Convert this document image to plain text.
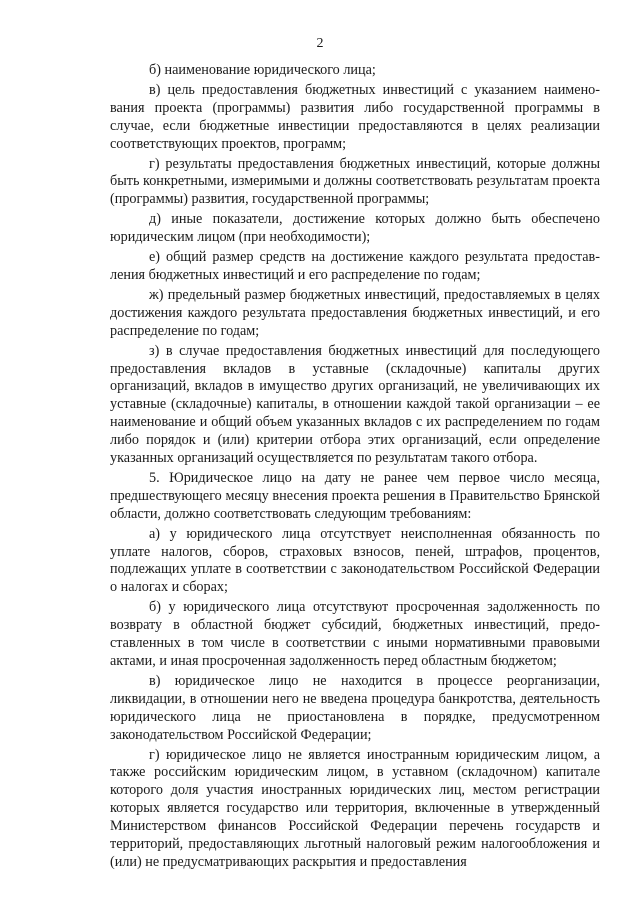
2

б) наименование юридического лица;

в) цель предоставления бюджетных инвестиций с указанием наименования проекта (программы) развития либо государственной программы в случае, если бюджетные инвестиции предоставляются в целях реализации соответствующих проектов, программ;

г) результаты предоставления бюджетных инвестиций, которые должны быть конкретными, измеримыми и должны соответствовать результатам проекта (программы) развития, государственной программы;

д) иные показатели, достижение которых должно быть обеспечено юридическим лицом (при необходимости);

е) общий размер средств на достижение каждого результата предоставления бюджетных инвестиций и его распределение по годам;

ж) предельный размер бюджетных инвестиций, предоставляемых в целях достижения каждого результата предоставления бюджетных инвестиций, и его распределение по годам;

з) в случае предоставления бюджетных инвестиций для последующего предоставления вкладов в уставные (складочные) капиталы других организаций, вкладов в имущество других организаций, не увеличивающих их уставные (складочные) капиталы, в отношении каждой такой организации – ее наименование и общий объем указанных вкладов с их распределением по годам либо порядок и (или) критерии отбора этих организаций, если определение указанных организаций осуществляется по результатам такого отбора.

5. Юридическое лицо на дату не ранее чем первое число месяца, предшествующего месяцу внесения проекта решения в Правительство Брянской области, должно соответствовать следующим требованиям:

а) у юридического лица отсутствует неисполненная обязанность по уплате налогов, сборов, страховых взносов, пеней, штрафов, процентов, подлежащих уплате в соответствии с законодательством Российской Федерации о налогах и сборах;

б) у юридического лица отсутствуют просроченная задолженность по возврату в областной бюджет субсидий, бюджетных инвестиций, предоставленных в том числе в соответствии с иными нормативными правовыми актами, и иная просроченная задолженность перед областным бюджетом;

в) юридическое лицо не находится в процессе реорганизации, ликвидации, в отношении него не введена процедура банкротства, деятельность юридического лица не приостановлена в порядке, предусмотренном законодательством Российской Федерации;

г) юридическое лицо не является иностранным юридическим лицом, а также российским юридическим лицом, в уставном (складочном) капитале которого доля участия иностранных юридических лиц, местом регистрации которых является государство или территория, включенные в утвержденный Министерством финансов Российской Федерации перечень государств и территорий, предоставляющих льготный налоговый режим налогообложения и (или) не предусматривающих раскрытия и предоставления
